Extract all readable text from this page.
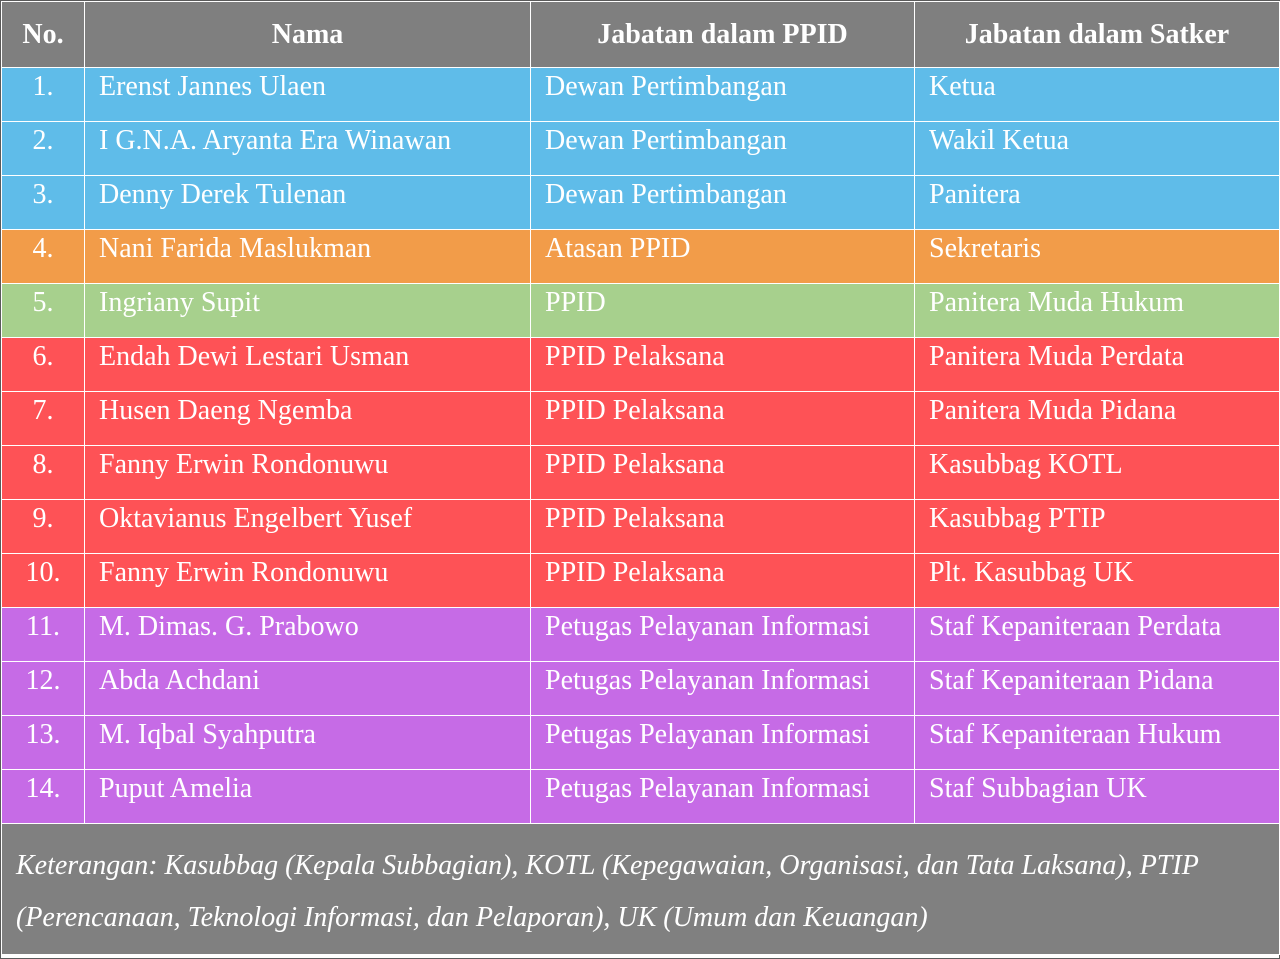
No.	Nama	Jabatan dalam PPID	Jabatan dalam Satker
1.	Erenst Jannes Ulaen	Dewan Pertimbangan	Ketua
2.	I G.N.A. Aryanta Era Winawan	Dewan Pertimbangan	Wakil Ketua
3.	Denny Derek Tulenan	Dewan Pertimbangan	Panitera
4.	Nani Farida Maslukman	Atasan PPID	Sekretaris
5.	Ingriany Supit	PPID	Panitera Muda Hukum
6.	Endah Dewi Lestari Usman	PPID Pelaksana	Panitera Muda Perdata
7.	Husen Daeng Ngemba	PPID Pelaksana	Panitera Muda Pidana
8.	Fanny Erwin Rondonuwu	PPID Pelaksana	Kasubbag KOTL
9.	Oktavianus Engelbert Yusef	PPID Pelaksana	Kasubbag PTIP
10.	Fanny Erwin Rondonuwu	PPID Pelaksana	Plt. Kasubbag UK
11.	M. Dimas. G. Prabowo	Petugas Pelayanan Informasi	Staf Kepaniteraan Perdata
12.	Abda Achdani	Petugas Pelayanan Informasi	Staf Kepaniteraan Pidana
13.	M. Iqbal Syahputra	Petugas Pelayanan Informasi	Staf Kepaniteraan Hukum
14.	Puput Amelia	Petugas Pelayanan Informasi	Staf Subbagian UK
Keterangan: Kasubbag (Kepala Subbagian), KOTL (Kepegawaian, Organisasi, dan Tata Laksana), PTIP (Perencanaan, Teknologi Informasi, dan Pelaporan), UK (Umum dan Keuangan)			
